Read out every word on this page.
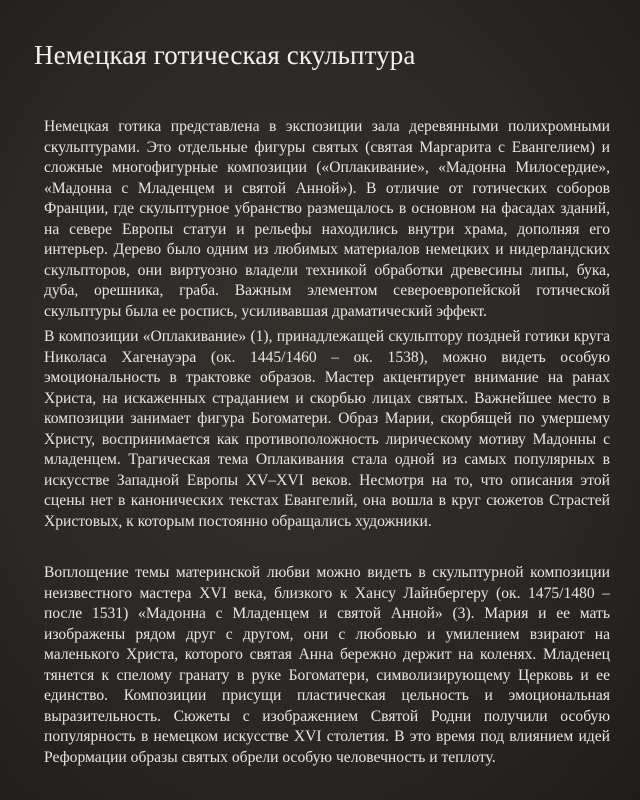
Немецкая готическая скульптура

Немецкая готика представлена в экспозиции зала деревянными полихромными скульптурами. Это отдельные фигуры святых (святая Маргарита с Евангелием) и сложные многофигурные композиции («Оплакивание», «Мадонна Милосердие», «Мадонна с Младенцем и святой Анной»). В отличие от готических соборов Франции, где скульптурное убранство размещалось в основном на фасадах зданий, на севере Европы статуи и рельефы находились внутри храма, дополняя его интерьер. Дерево было одним из любимых материалов немецких и нидерландских скульпторов, они виртуозно владели техникой обработки древесины липы, бука, дуба, орешника, граба. Важным элементом североевропейской готической скульптуры была ее роспись, усиливавшая драматический эффект.

В композиции «Оплакивание» (1), принадлежащей скульптору поздней готики круга Николаса Хагенауэра (ок. 1445/1460 – ок. 1538), можно видеть особую эмоциональность в трактовке образов. Мастер акцентирует внимание на ранах Христа, на искаженных страданием и скорбью лицах святых. Важнейшее место в композиции занимает фигура Богоматери. Образ Марии, скорбящей по умершему Христу, воспринимается как противоположность лирическому мотиву Мадонны с младенцем. Трагическая тема Оплакивания стала одной из самых популярных в искусстве Западной Европы XV–XVI веков. Несмотря на то, что описания этой сцены нет в канонических текстах Евангелий, она вошла в круг сюжетов Страстей Христовых, к которым постоянно обращались художники.

Воплощение темы материнской любви можно видеть в скульптурной композиции неизвестного мастера XVI века, близкого к Хансу Лайнбергеру (ок. 1475/1480 – после 1531) «Мадонна с Младенцем и святой Анной» (3). Мария и ее мать изображены рядом друг с другом, они с любовью и умилением взирают на маленького Христа, которого святая Анна бережно держит на коленях. Младенец тянется к спелому гранату в руке Богоматери, символизирующему Церковь и ее единство. Композиции присущи пластическая цельность и эмоциональная выразительность. Сюжеты с изображением Святой Родни получили особую популярность в немецком искусстве XVI столетия. В это время под влиянием идей Реформации образы святых обрели особую человечность и теплоту.
